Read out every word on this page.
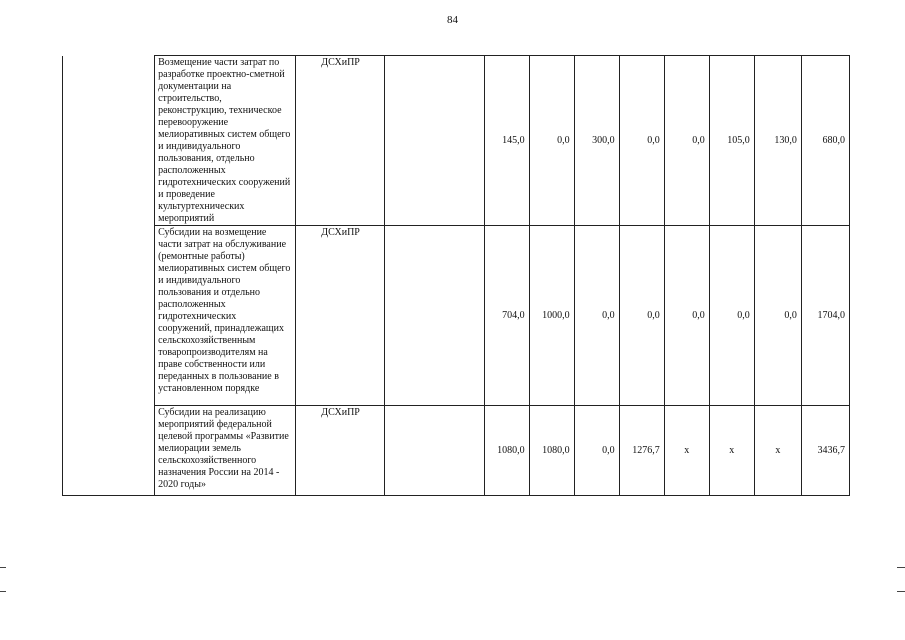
84
	Возмещение части затрат по разработке проектно-сметной документации на строительство, реконструкцию, техническое перевооружение мелиоративных систем общего и индивидуального пользования, отдельно расположенных гидротехнических сооружений и проведение культуртехнических мероприятий	ДСХиПР		145,0	0,0	300,0	0,0	0,0	105,0	130,0	680,0
	Субсидии на возмещение части затрат на обслуживание (ремонтные работы) мелиоративных систем общего и индивидуального пользования и отдельно расположенных гидротехнических сооружений, принадлежащих сельскохозяйственным товаропроизводителям на праве собственности или переданных в пользование в установленном порядке	ДСХиПР		704,0	1000,0	0,0	0,0	0,0	0,0	0,0	1704,0
	Субсидии на реализацию мероприятий федеральной целевой программы «Развитие мелиорации земель сельскохозяйственного назначения России на 2014 - 2020 годы»	ДСХиПР		1080,0	1080,0	0,0	1276,7	х	х	х	3436,7
